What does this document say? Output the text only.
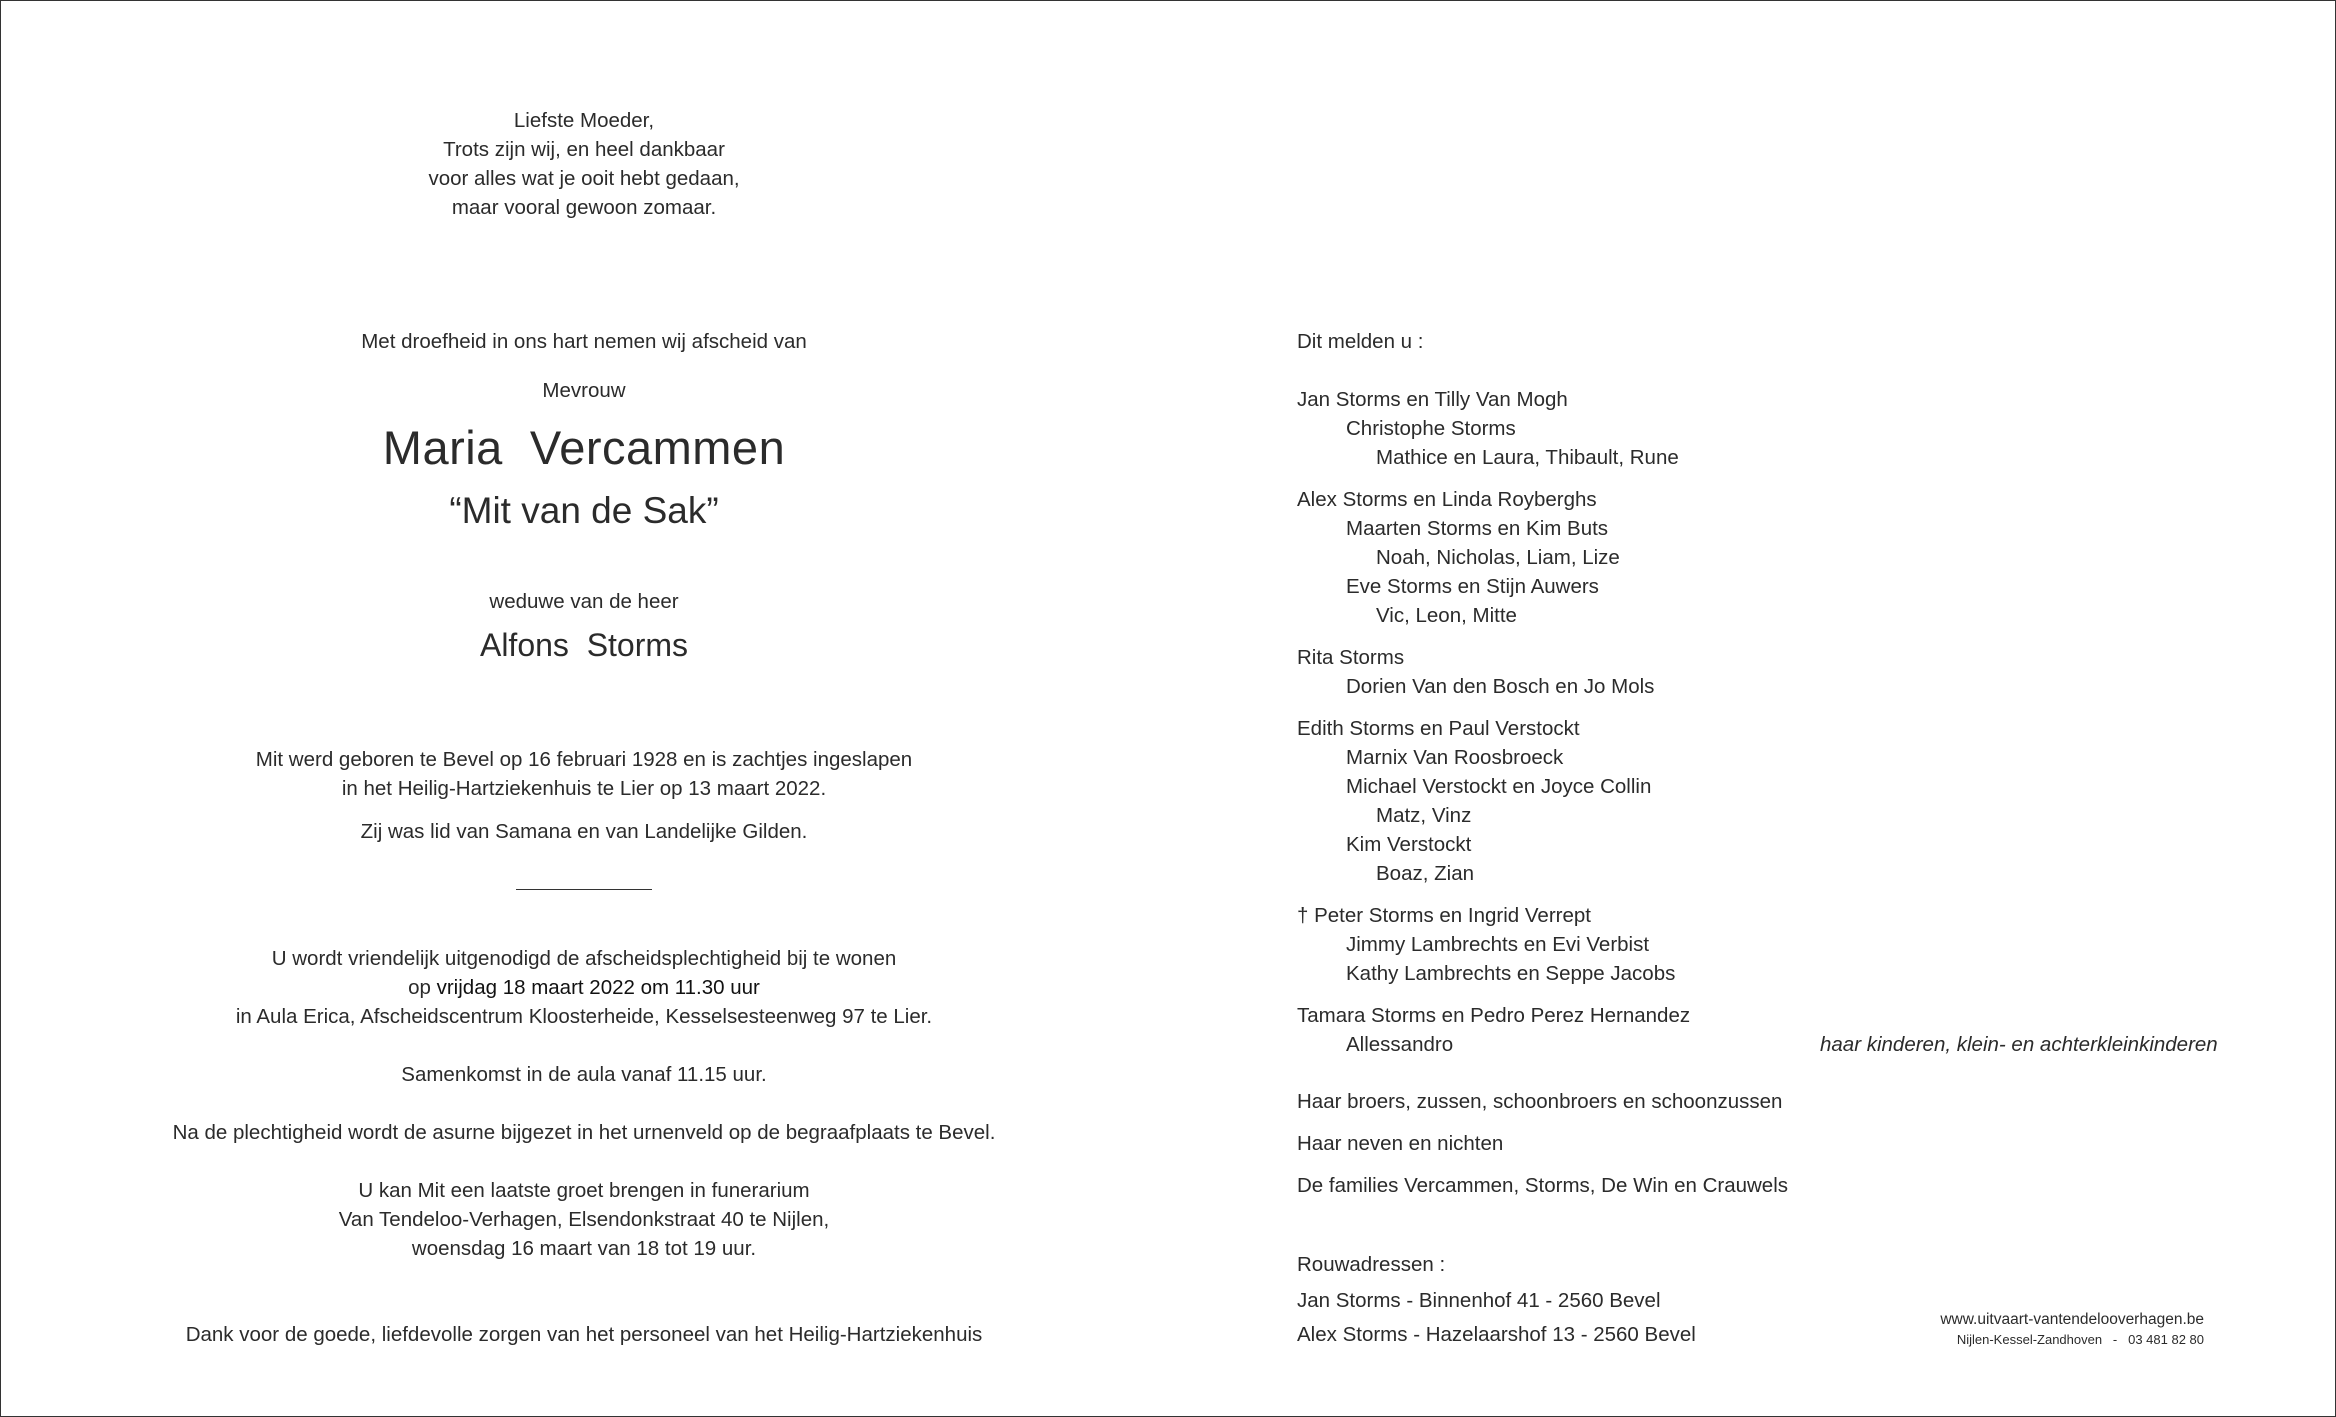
Liefste Moeder,
Trots zijn wij, en heel dankbaar
voor alles wat je ooit hebt gedaan,
maar vooral gewoon zomaar.
Met droefheid in ons hart nemen wij afscheid van
Mevrouw
Maria  Vercammen
“Mit van de Sak”
weduwe van de heer
Alfons  Storms
Mit werd geboren te Bevel op 16 februari 1928 en is zachtjes ingeslapen
in het Heilig-Hartziekenhuis te Lier op 13 maart 2022.
Zij was lid van Samana en van Landelijke Gilden.
U wordt vriendelijk uitgenodigd de afscheidsplechtigheid bij te wonen
op vrijdag 18 maart 2022 om 11.30 uur
in Aula Erica, Afscheidscentrum Kloosterheide, Kesselsesteenweg 97 te Lier.
Samenkomst in de aula vanaf 11.15 uur.
Na de plechtigheid wordt de asurne bijgezet in het urnenveld op de begraafplaats te Bevel.
U kan Mit een laatste groet brengen in funerarium
Van Tendeloo-Verhagen, Elsendonkstraat 40 te Nijlen,
woensdag 16 maart van 18 tot 19 uur.
Dank voor de goede, liefdevolle zorgen van het personeel van het Heilig-Hartziekenhuis
Dit melden u :
Jan Storms en Tilly Van Mogh
Christophe Storms
Mathice en Laura, Thibault, Rune
Alex Storms en Linda Royberghs
Maarten Storms en Kim Buts
Noah, Nicholas, Liam, Lize
Eve Storms en Stijn Auwers
Vic, Leon, Mitte
Rita Storms
Dorien Van den Bosch en Jo Mols
Edith Storms en Paul Verstockt
Marnix Van Roosbroeck
Michael Verstockt en Joyce Collin
Matz, Vinz
Kim Verstockt
Boaz, Zian
† Peter Storms en Ingrid Verrept
Jimmy Lambrechts en Evi Verbist
Kathy Lambrechts en Seppe Jacobs
Tamara Storms en Pedro Perez Hernandez
Allessandro	haar kinderen, klein- en achterkleinkinderen
Haar broers, zussen, schoonbroers en schoonzussen
Haar neven en nichten
De families Vercammen, Storms, De Win en Crauwels
Rouwadressen :
Jan Storms - Binnenhof 41 - 2560 Bevel
Alex Storms - Hazelaarshof 13 - 2560 Bevel
www.uitvaart-vantendelooverhagen.be
Nijlen-Kessel-Zandhoven   -   03 481 82 80
